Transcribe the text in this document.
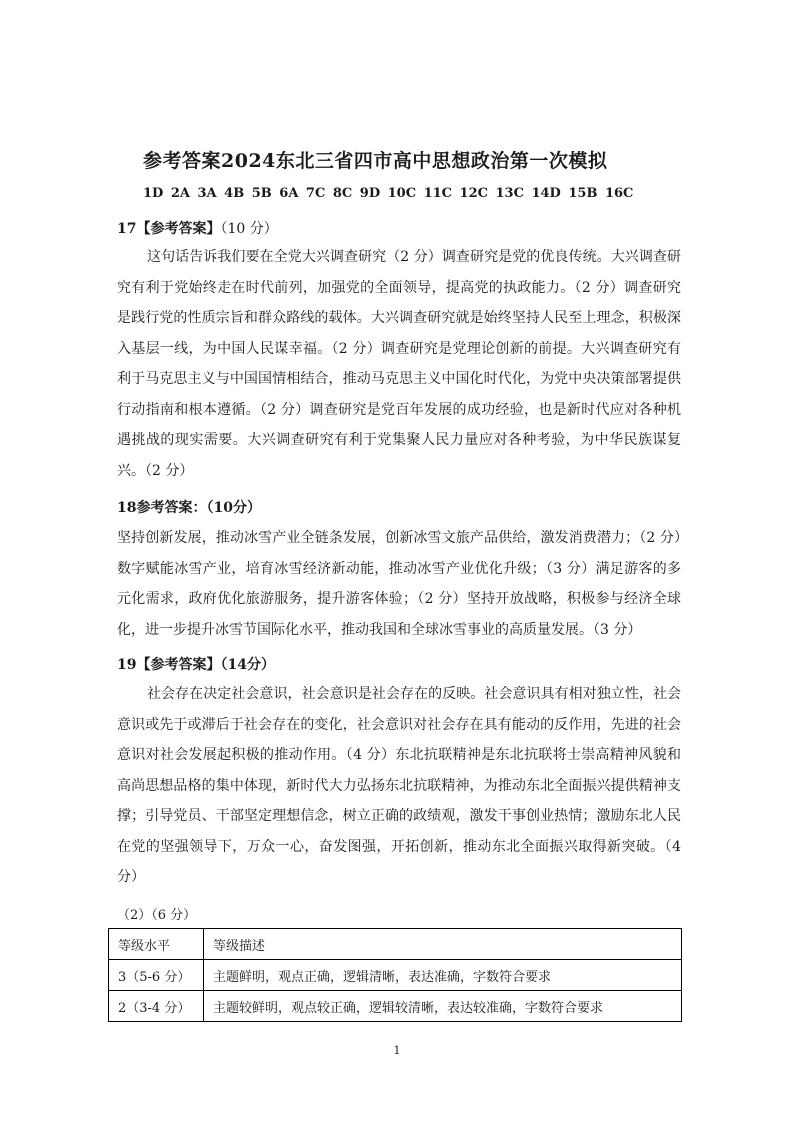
参考答案2024东北三省四市高中思想政治第一次模拟
1D 2A 3A 4B 5B 6A 7C 8C 9D 10C 11C 12C 13C 14D 15B 16C
17【参考答案】（10 分）
这句话告诉我们要在全党大兴调查研究（2 分）调查研究是党的优良传统。大兴调查研究有利于党始终走在时代前列，加强党的全面领导，提高党的执政能力。（2 分）调查研究是践行党的性质宗旨和群众路线的载体。大兴调查研究就是始终坚持人民至上理念，积极深入基层一线，为中国人民谋幸福。（2 分）调查研究是党理论创新的前提。大兴调查研究有利于马克思主义与中国国情相结合，推动马克思主义中国化时代化，为党中央决策部署提供行动指南和根本遵循。（2 分）调查研究是党百年发展的成功经验，也是新时代应对各种机遇挑战的现实需要。大兴调查研究有利于党集聚人民力量应对各种考验，为中华民族谋复兴。（2 分）
18参考答案：（10分）
坚持创新发展，推动冰雪产业全链条发展，创新冰雪文旅产品供给，激发消费潜力；（2 分）数字赋能冰雪产业，培育冰雪经济新动能，推动冰雪产业优化升级；（3 分）满足游客的多元化需求，政府优化旅游服务，提升游客体验；（2 分）坚持开放战略，积极参与经济全球化，进一步提升冰雪节国际化水平，推动我国和全球冰雪事业的高质量发展。（3 分）
19【参考答案】（14分）
社会存在决定社会意识，社会意识是社会存在的反映。社会意识具有相对独立性，社会意识或先于或滞后于社会存在的变化，社会意识对社会存在具有能动的反作用，先进的社会意识对社会发展起积极的推动作用。（4 分）东北抗联精神是东北抗联将士崇高精神风貌和高尚思想品格的集中体现，新时代大力弘扬东北抗联精神，为推动东北全面振兴提供精神支撑；引导党员、干部坚定理想信念，树立正确的政绩观，激发干事创业热情；激励东北人民在党的坚强领导下，万众一心，奋发图强，开拓创新，推动东北全面振兴取得新突破。（4 分）
（2）（6 分）
等级水平	等级描述
3（5-6 分）	主题鲜明，观点正确，逻辑清晰，表达准确，字数符合要求
2（3-4 分）	主题较鲜明，观点较正确，逻辑较清晰，表达较准确，字数符合要求
1
